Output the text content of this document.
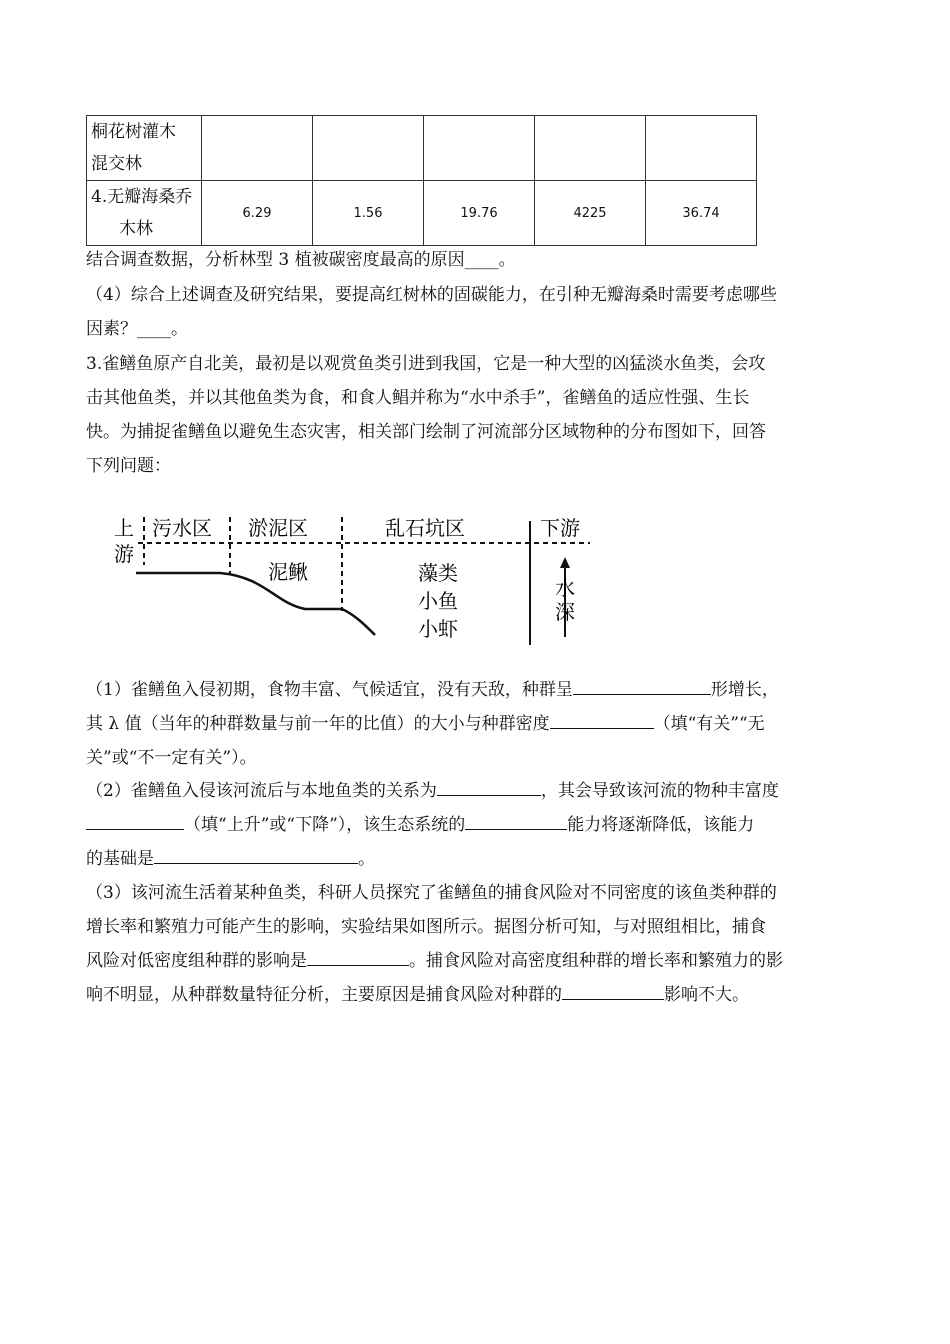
桐花树灌木
混交林					

4.无瓣海桑乔
木林	6.29	1.56	19.76	4225	36.74

结合调查数据，分析林型 3 植被碳密度最高的原因____。

（4）综合上述调查及研究结果，要提高红树林的固碳能力，在引种无瓣海桑时需要考虑哪些

因素？____。

3.雀鳝鱼原产自北美，最初是以观赏鱼类引进到我国，它是一种大型的凶猛淡水鱼类，会攻

击其他鱼类，并以其他鱼类为食，和食人鲳并称为“水中杀手”，雀鳝鱼的适应性强、生长

快。为捕捉雀鳝鱼以避免生态灾害，相关部门绘制了河流部分区域物种的分布图如下，回答

下列问题：

上
游
污水区 淤泥区	乱石坑区	下游
泥鳅	藻类
小鱼
小虾
水
深

（1）雀鳝鱼入侵初期，食物丰富、气候适宜，没有天敌，种群呈	形增长，

其 λ 值（当年的种群数量与前一年的比值）的大小与种群密度	（填“有关”“无

关”或“不一定有关”）。

（2）雀鳝鱼入侵该河流后与本地鱼类的关系为	，其会导致该河流的物种丰富度

（填“上升”或“下降”），该生态系统的	能力将逐渐降低，该能力

的基础是	。

（3）该河流生活着某种鱼类，科研人员探究了雀鳝鱼的捕食风险对不同密度的该鱼类种群的

增长率和繁殖力可能产生的影响，实验结果如图所示。据图分析可知，与对照组相比，捕食

风险对低密度组种群的影响是	。捕食风险对高密度组种群的增长率和繁殖力的影

响不明显，从种群数量特征分析，主要原因是捕食风险对种群的	影响不大。
